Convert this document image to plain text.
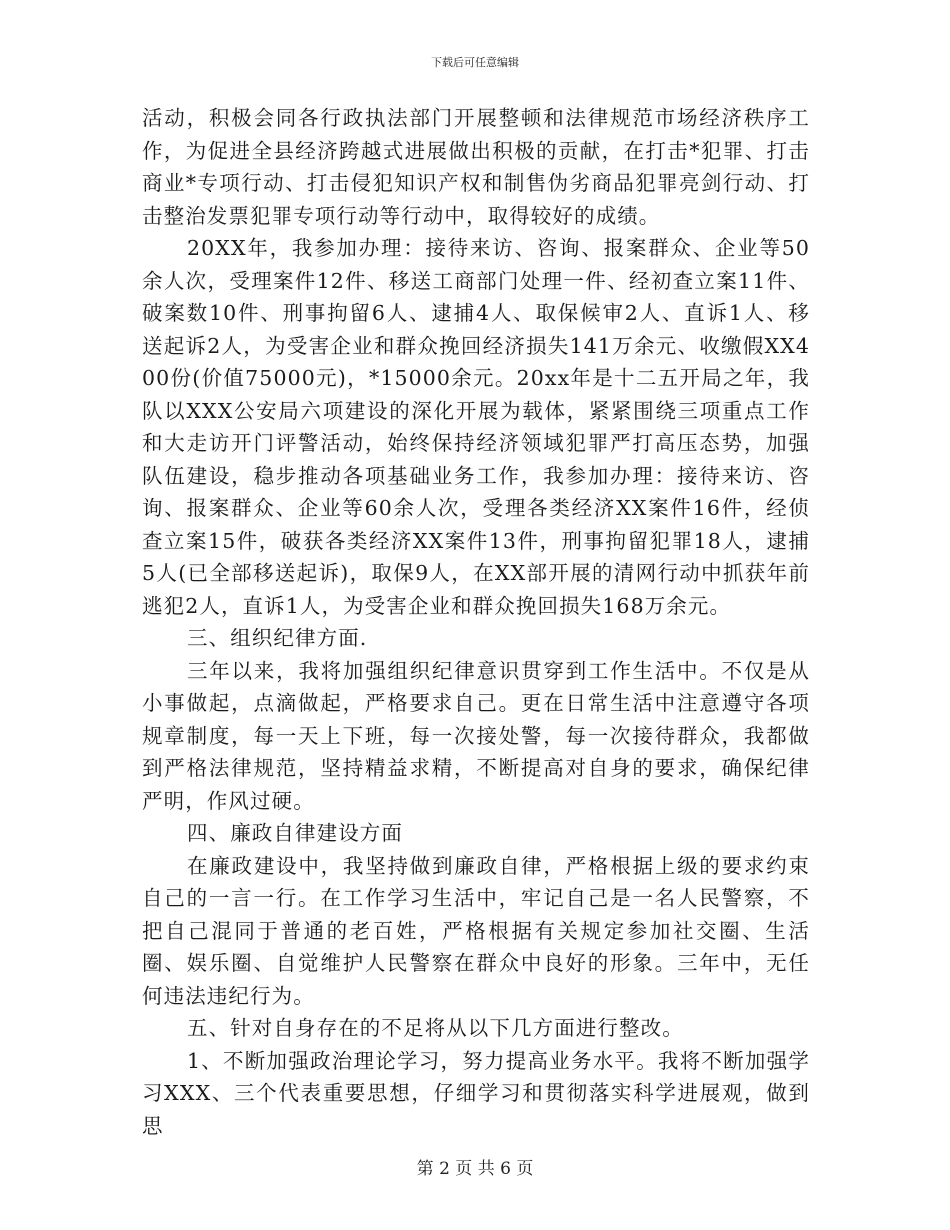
下载后可任意编辑

活动，积极会同各行政执法部门开展整顿和法律规范市场经济秩序工作，为促进全县经济跨越式进展做出积极的贡献，在打击*犯罪、打击商业*专项行动、打击侵犯知识产权和制售伪劣商品犯罪亮剑行动、打击整治发票犯罪专项行动等行动中，取得较好的成绩。

20XX年，我参加办理：接待来访、咨询、报案群众、企业等50余人次，受理案件12件、移送工商部门处理一件、经初查立案11件、破案数10件、刑事拘留6人、逮捕4人、取保候审2人、直诉1人、移送起诉2人，为受害企业和群众挽回经济损失141万余元、收缴假XX400份(价值75000元)，*15000余元。20xx年是十二五开局之年，我队以XXX公安局六项建设的深化开展为载体，紧紧围绕三项重点工作和大走访开门评警活动，始终保持经济领域犯罪严打高压态势，加强队伍建设，稳步推动各项基础业务工作，我参加办理：接待来访、咨询、报案群众、企业等60余人次，受理各类经济XX案件16件，经侦查立案15件，破获各类经济XX案件13件，刑事拘留犯罪18人，逮捕5人(已全部移送起诉)，取保9人，在XX部开展的清网行动中抓获年前逃犯2人，直诉1人，为受害企业和群众挽回损失168万余元。

三、组织纪律方面.

三年以来，我将加强组织纪律意识贯穿到工作生活中。不仅是从小事做起，点滴做起，严格要求自己。更在日常生活中注意遵守各项规章制度，每一天上下班，每一次接处警，每一次接待群众，我都做到严格法律规范，坚持精益求精，不断提高对自身的要求，确保纪律严明，作风过硬。

四、廉政自律建设方面

在廉政建设中，我坚持做到廉政自律，严格根据上级的要求约束自己的一言一行。在工作学习生活中，牢记自己是一名人民警察，不把自己混同于普通的老百姓，严格根据有关规定参加社交圈、生活圈、娱乐圈、自觉维护人民警察在群众中良好的形象。三年中，无任何违法违纪行为。

五、针对自身存在的不足将从以下几方面进行整改。

1、不断加强政治理论学习，努力提高业务水平。我将不断加强学习XXX、三个代表重要思想，仔细学习和贯彻落实科学进展观，做到思

第 2 页 共 6 页
